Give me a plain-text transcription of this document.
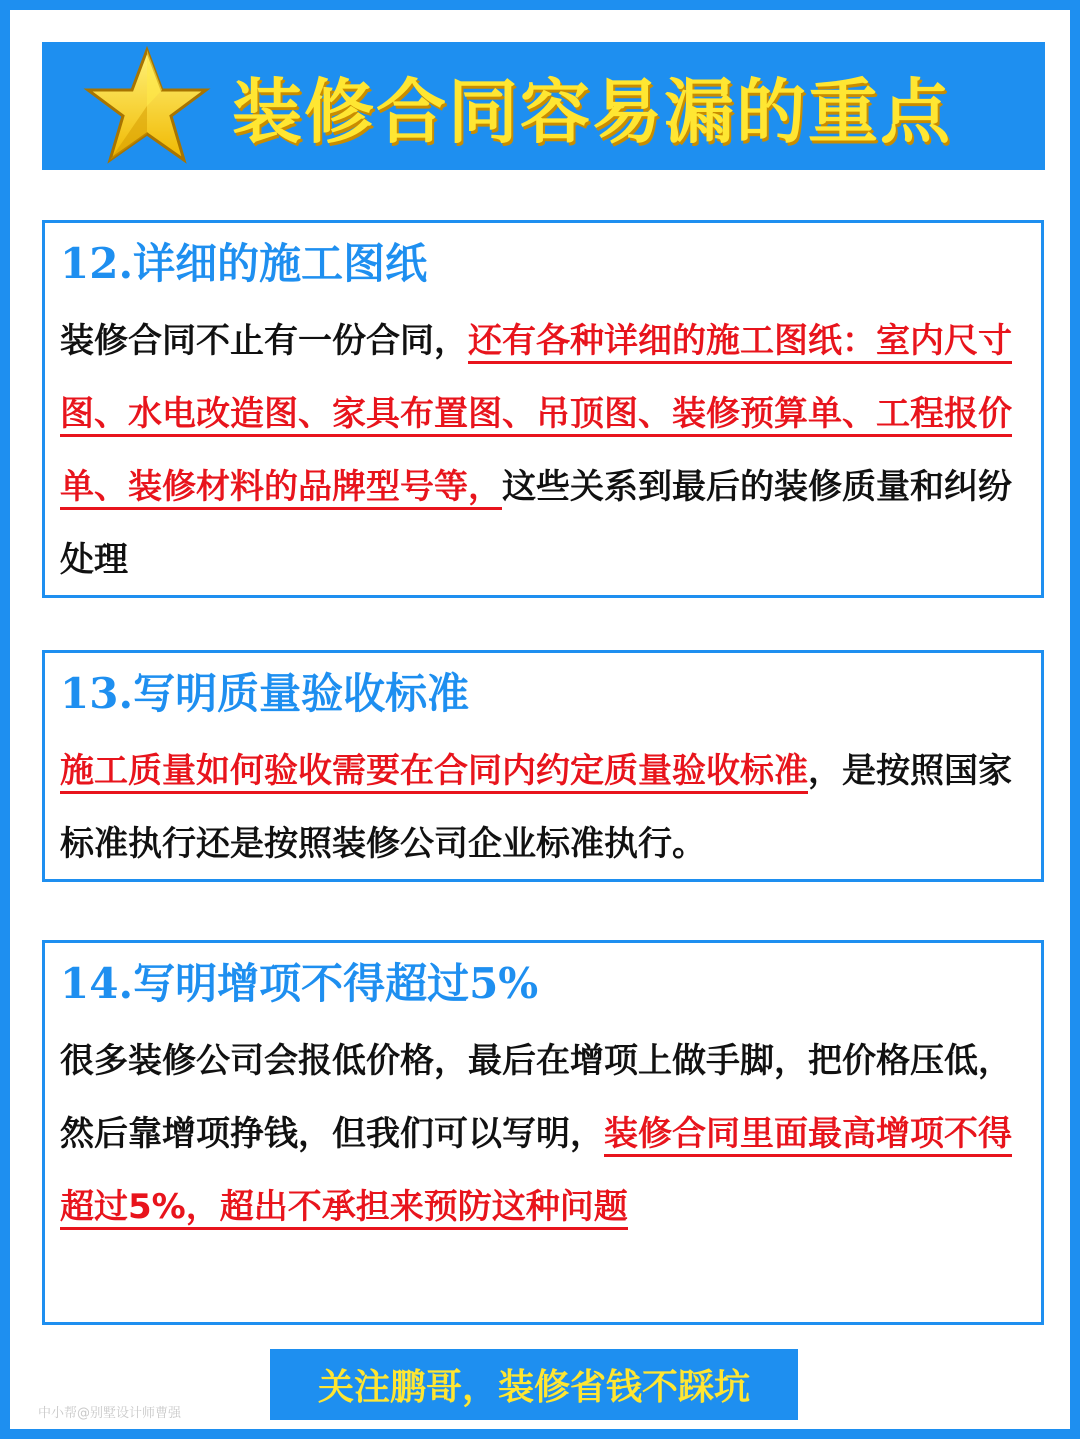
装修合同容易漏的重点
12.详细的施工图纸

装修合同不止有一份合同，还有各种详细的施工图纸：室内尺寸图、水电改造图、家具布置图、吊顶图、装修预算单、工程报价单、装修材料的品牌型号等，这些关系到最后的装修质量和纠纷处理

13.写明质量验收标准

施工质量如何验收需要在合同内约定质量验收标准，是按照国家标准执行还是按照装修公司企业标准执行。

14.写明增项不得超过5%

很多装修公司会报低价格，最后在增项上做手脚，把价格压低，然后靠增项挣钱，但我们可以写明，装修合同里面最高增项不得超过5%，超出不承担来预防这种问题

关注鹏哥，装修省钱不踩坑
中小帮@别墅设计师曹强
